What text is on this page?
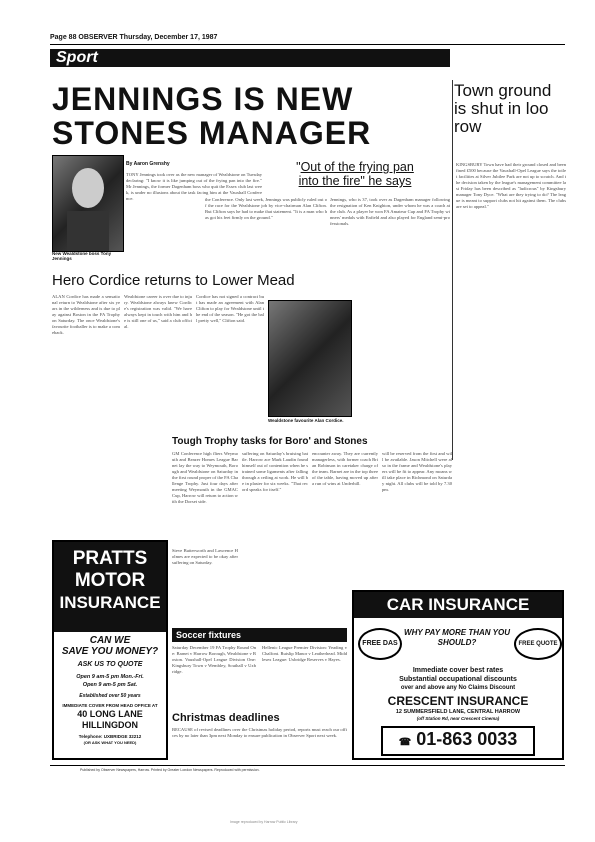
Page 88 OBSERVER Thursday, December 17, 1987
Sport
JENNINGS IS NEW STONES MANAGER
Town ground is shut in loo row
KINGSBURY Town have had their ground closed and been fined £500 because the Vauxhall-Opel League says the toilet facilities at Silver Jubilee Park are not up to scratch. And the decision taken by the league's management committee last Friday has been described as "ludicrous" by Kingsbury manager Tony Dyce. "What are they trying to do? The league is meant to support clubs not hit against them. The clubs are set to appeal."
New Wealdstone boss Tony Jennings
By Aaron Grenshy
TONY Jennings took over as the new manager of Wealdstone on Tuesday declaring: "I know it is like jumping out of the frying pan into the fire." Mr Jennings, the former Dagenham boss who quit the Essex club last week, is under no illusions about the task facing him at the Vauxhall Conference.
"Out of the frying pan
into the fire" he says
the Conference. Only last week, Jennings was publicly ruled out of the race for the Wealdstone job by vice-chairman Alan Clifton. But Clifton says he had to make that statement. "It is a man who has got his feet firmly on the ground."
Jennings, who is 37, took over as Dagenham manager following the resignation of Ken Knighton, under whom he was a coach at the club. As a player he won FA Amateur Cup and FA Trophy winners' medals with Enfield and also played for England semi-professionals.
Hero Cordice returns to Lower Mead
ALAN Cordice has made a sensational return to Wealdstone after six years in the wilderness and is due to play against Boston in the FA Trophy on Saturday. The once Wealdstone's favourite footballer is to make a comeback.
Wealdstone career is over due to injury. Wealdstone always knew Cordice's registration was valid. "We have always kept in touch with him and he is still one of us," said a club official.
Cordice has not signed a contract but has made an agreement with Alan Clifton to play for Wealdstone until the end of the season. "He got the ball pretty well," Clifton said.
Wealdstone favourite Alan Cordice.
Tough Trophy tasks for Boro' and Stones
GM Conference high fliers Weymouth and Beazer Homes League Barnet lay the way to Weymouth, Borough and Wealdstone on Saturday in the first round proper of the FA Challenge Trophy. Just four days after meeting Weymouth in the GMAC Cup, Harrow will return to action with the Dorset side.
suffering on Saturday's bruising battle. Harrow ace Mark Laudin found himself out of contention when he strained some ligaments after falling through a ceiling at work. He will be in plaster for six weeks. "That record speaks for itself."
encounter away. They are currently managerless, with former coach Brian Robinson in caretaker charge of the team. Barnet are in the top three of the table, having moved up after a run of wins at Underhill.
will be reserved from the first and will be available. Jason Mitchell were also in the frame and Wealdstone's players will be fit to appear. Any moans will take place in Richmond on Saturday night. All clubs will be told by 7.30pm.
PRATTS
MOTOR
INSURANCE
CAN WE
SAVE YOU MONEY?
ASK US TO QUOTE
Open 9 am-5 pm Mon.-Fri.
Open 9 am-5 pm Sat.
Established over 50 years
IMMEDIATE COVER FROM HEAD OFFICE AT
40 LONG LANE
HILLINGDON
Telephone: UXBRIDGE 32212
(OR ASK WHAT YOU NEED)
Steve Butterworth and Lawrence Holmes are expected to be okay after suffering on Saturday.
Soccer fixtures
Saturday December 19 FA Trophy Round One: Barnet v Harrow Borough, Wealdstone v Boston. Vauxhall-Opel League Division One: Kingsbury Town v Wembley, Southall v Uxbridge.
Hellenic League Premier Division: Yeading v Chalfont. Ruislip Manor v Leatherhead. Middlesex League: Uxbridge Reserves v Hayes.
Christmas deadlines
BECAUSE of revised deadlines over the Christmas holiday period, reports must reach our offices by no later than 3pm next Monday to ensure publication in Observer Sport next week.
CAR INSURANCE
FREE DAS	FREE QUOTE
WHY PAY MORE THAN YOU SHOULD?
Immediate cover best rates
Substantial occupational discounts
over and above any No Claims Discount
CRESCENT INSURANCE
12 SUMMERSFIELD LANE, CENTRAL HARROW
(off Station Rd, near Crescent Cinema)
☎ 01-863 0033
Published by Observer Newspapers, Harrow. Printed by Greater London Newspapers. Reproduced with permission.
Image reproduced by Harrow Public Library
